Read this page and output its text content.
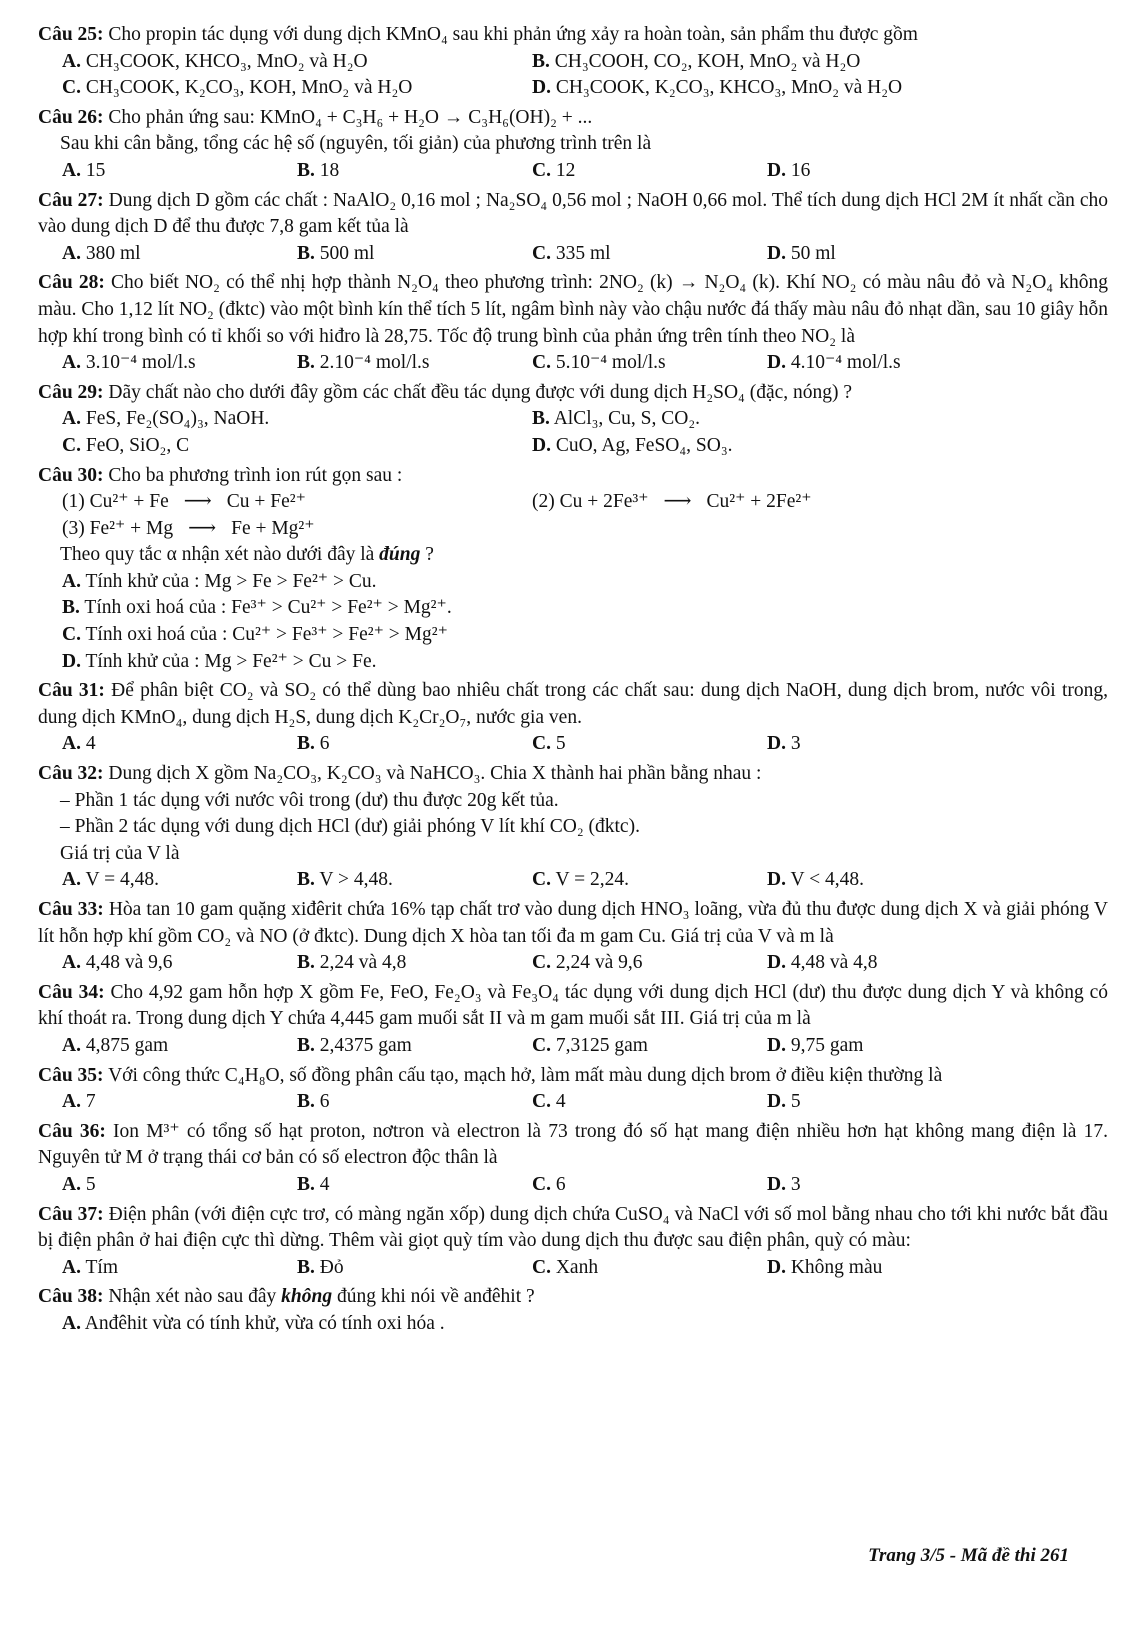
Câu 25: Cho propin tác dụng với dung dịch KMnO₄ sau khi phản ứng xảy ra hoàn toàn, sản phẩm thu được gồm
A. CH₃COOK, KHCO₃, MnO₂ và H₂O	B. CH₃COOH, CO₂, KOH, MnO₂ và H₂O
C. CH₃COOK, K₂CO₃, KOH, MnO₂ và H₂O	D. CH₃COOK, K₂CO₃, KHCO₃, MnO₂ và H₂O
Câu 26: Cho phản ứng sau: KMnO₄ + C₃H₆ + H₂O → C₃H₆(OH)₂ + ...
Sau khi cân bằng, tổng các hệ số (nguyên, tối giản) của phương trình trên là
A. 15	B. 18	C. 12	D. 16
Câu 27: Dung dịch D gồm các chất : NaAlO₂ 0,16 mol ; Na₂SO₄ 0,56 mol ; NaOH 0,66 mol. Thể tích dung dịch HCl 2M ít nhất cần cho vào dung dịch D để thu được 7,8 gam kết tủa là
A. 380 ml	B. 500 ml	C. 335 ml	D. 50 ml
Câu 28: Cho biết NO₂ có thể nhị hợp thành N₂O₄ theo phương trình: 2NO₂ (k) → N₂O₄ (k). Khí NO₂ có màu nâu đỏ và N₂O₄ không màu. Cho 1,12 lít NO₂ (đktc) vào một bình kín thể tích 5 lít, ngâm bình này vào chậu nước đá thấy màu nâu đỏ nhạt dần, sau 10 giây hỗn hợp khí trong bình có tỉ khối so với hiđro là 28,75. Tốc độ trung bình của phản ứng trên tính theo NO₂ là
A. 3.10⁻⁴ mol/l.s	B. 2.10⁻⁴ mol/l.s	C. 5.10⁻⁴ mol/l.s	D. 4.10⁻⁴ mol/l.s
Câu 29: Dãy chất nào cho dưới đây gồm các chất đều tác dụng được với dung dịch H₂SO₄ (đặc, nóng) ?
A. FeS, Fe₂(SO₄)₃, NaOH.	B. AlCl₃, Cu, S, CO₂.
C. FeO, SiO₂, C	D. CuO, Ag, FeSO₄, SO₃.
Câu 30: Cho ba phương trình ion rút gọn sau :
(1) Cu²⁺ + Fe ⟶ Cu + Fe²⁺	(2) Cu + 2Fe³⁺ ⟶ Cu²⁺ + 2Fe²⁺
(3) Fe²⁺ + Mg ⟶ Fe + Mg²⁺
Theo quy tắc α nhận xét nào dưới đây là đúng ?
A. Tính khử của : Mg > Fe > Fe²⁺ > Cu.
B. Tính oxi hoá của : Fe³⁺ > Cu²⁺ > Fe²⁺ > Mg²⁺.
C. Tính oxi hoá của : Cu²⁺ > Fe³⁺ > Fe²⁺ > Mg²⁺
D. Tính khử của : Mg > Fe²⁺ > Cu > Fe.
Câu 31: Để phân biệt CO₂ và SO₂ có thể dùng bao nhiêu chất trong các chất sau: dung dịch NaOH, dung dịch brom, nước vôi trong, dung dịch KMnO₄, dung dịch H₂S, dung dịch K₂Cr₂O₇, nước gia ven.
A. 4	B. 6	C. 5	D. 3
Câu 32: Dung dịch X gồm Na₂CO₃, K₂CO₃ và NaHCO₃. Chia X thành hai phần bằng nhau :
– Phần 1 tác dụng với nước vôi trong (dư) thu được 20g kết tủa.
– Phần 2 tác dụng với dung dịch HCl (dư) giải phóng V lít khí CO₂ (đktc).
Giá trị của V là
A. V = 4,48.	B. V > 4,48.	C. V = 2,24.	D. V < 4,48.
Câu 33: Hòa tan 10 gam quặng xiđêrit chứa 16% tạp chất trơ vào dung dịch HNO₃ loãng, vừa đủ thu được dung dịch X và giải phóng V lít hỗn hợp khí gồm CO₂ và NO (ở đktc). Dung dịch X hòa tan tối đa m gam Cu. Giá trị của V và m là
A. 4,48 và 9,6	B. 2,24 và 4,8	C. 2,24 và 9,6	D. 4,48 và 4,8
Câu 34: Cho 4,92 gam hỗn hợp X gồm Fe, FeO, Fe₂O₃ và Fe₃O₄ tác dụng với dung dịch HCl (dư) thu được dung dịch Y và không có khí thoát ra. Trong dung dịch Y chứa 4,445 gam muối sắt II và m gam muối sắt III. Giá trị của m là
A. 4,875 gam	B. 2,4375 gam	C. 7,3125 gam	D. 9,75 gam
Câu 35: Với công thức C₄H₈O, số đồng phân cấu tạo, mạch hở, làm mất màu dung dịch brom ở điều kiện thường là
A. 7	B. 6	C. 4	D. 5
Câu 36: Ion M³⁺ có tổng số hạt proton, nơtron và electron là 73 trong đó số hạt mang điện nhiều hơn hạt không mang điện là 17. Nguyên tử M ở trạng thái cơ bản có số electron độc thân là
A. 5	B. 4	C. 6	D. 3
Câu 37: Điện phân (với điện cực trơ, có màng ngăn xốp) dung dịch chứa CuSO₄ và NaCl với số mol bằng nhau cho tới khi nước bắt đầu bị điện phân ở hai điện cực thì dừng. Thêm vài giọt quỳ tím vào dung dịch thu được sau điện phân, quỳ có màu:
A. Tím	B. Đỏ	C. Xanh	D. Không màu
Câu 38: Nhận xét nào sau đây không đúng khi nói về anđêhit ?
A. Anđêhit vừa có tính khử, vừa có tính oxi hóa .
Trang 3/5 - Mã đề thi 261
